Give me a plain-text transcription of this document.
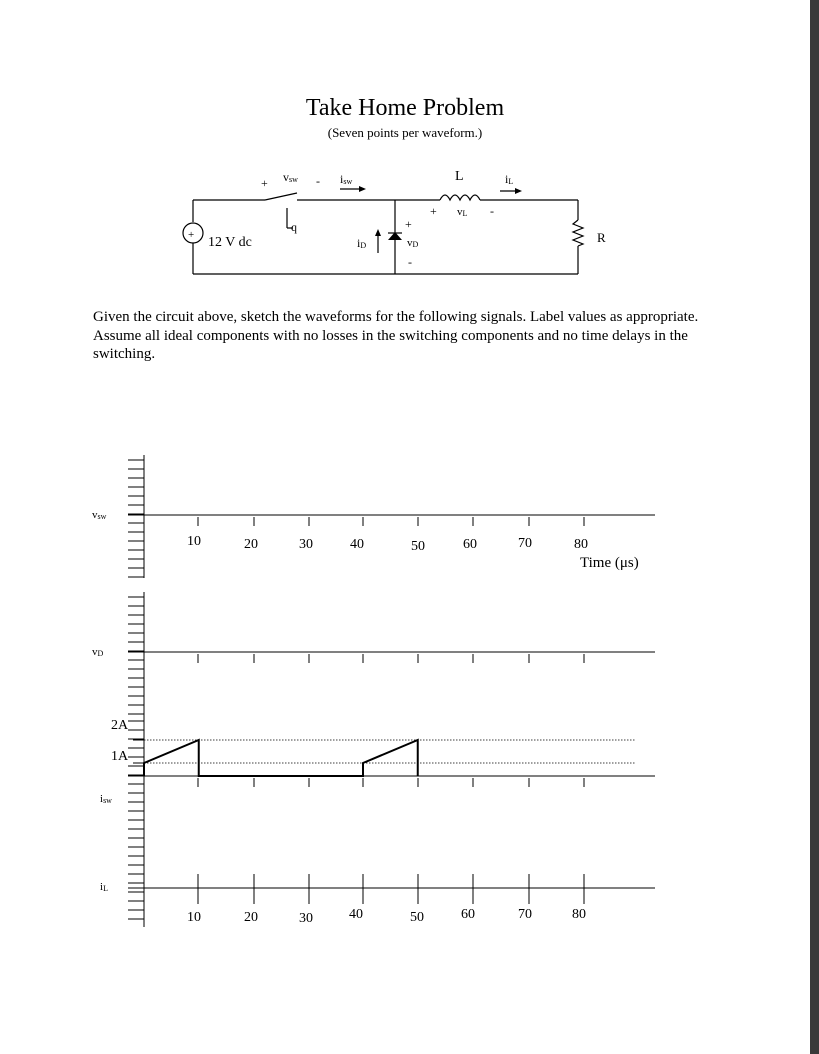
Take Home Problem
(Seven points per waveform.)
+ 12 V dc
+ vsw - isw
q
iD
+
vD
-
L
+ vL -
iL
R
Given the circuit above, sketch the waveforms for the following signals. Label values as appropriate. Assume all ideal components with no losses in the switching components and no time delays in the switching.
vsw
vD
isw
iL
2A
1A
Time (μs)
10	20	30	40	50	60	70	80
10	20	30	40	50	60	70	80
